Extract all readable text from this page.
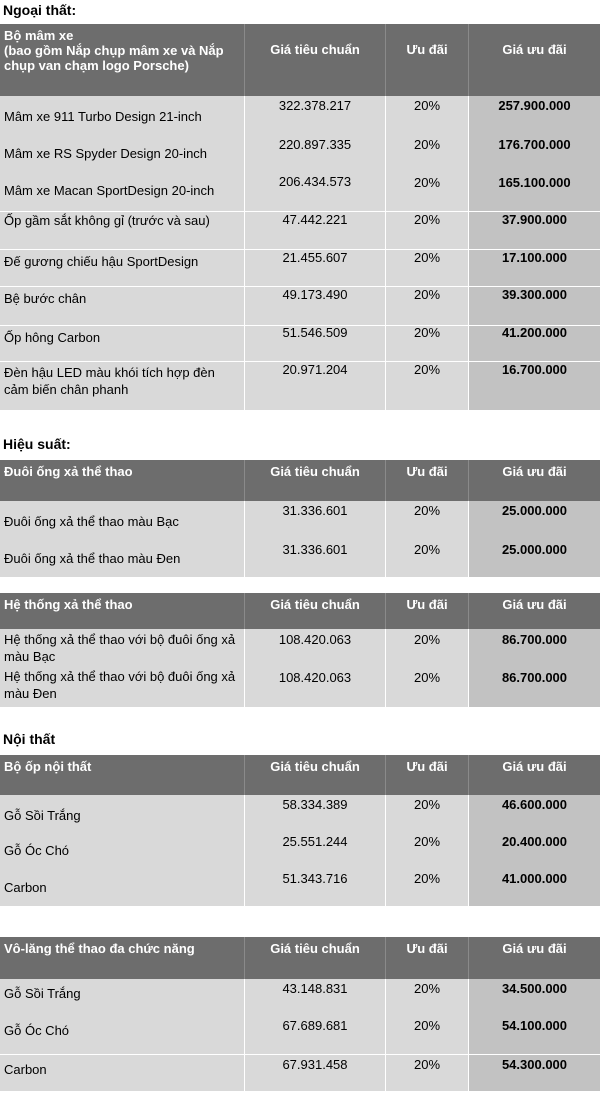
Ngoại thất:
Hiệu suất:
Nội thất
Bộ mâm xe
(bao gồm Nắp chụp mâm xe và Nắp chụp van chạm logo Porsche)
Giá tiêu chuẩn	Ưu đãi	Giá ưu đãi
Mâm xe 911 Turbo Design 21-inch
322.378.217	20%	257.900.000
Mâm xe RS Spyder Design 20-inch
220.897.335	20%	176.700.000
Mâm xe Macan SportDesign 20-inch
206.434.573	20%	165.100.000
Ốp gầm sắt không gỉ (trước và sau)	47.442.221	20%	37.900.000
Đế gương chiếu hậu SportDesign	21.455.607	20%	17.100.000
Bệ bước chân	49.173.490	20%	39.300.000
Ốp hông Carbon	51.546.509	20%	41.200.000
Đèn hậu LED màu khói tích hợp đèn cảm biến chân phanh
20.971.204	20%	16.700.000
Đuôi ống xả thể thao	Giá tiêu chuẩn	Ưu đãi	Giá ưu đãi
Đuôi ống xả thể thao màu Bạc
31.336.601	20%	25.000.000
Đuôi ống xả thể thao màu Đen
31.336.601	20%	25.000.000
Hệ thống xả thể thao	Giá tiêu chuẩn	Ưu đãi	Giá ưu đãi
Hệ thống xả thể thao với bộ đuôi ống xả màu Bạc
108.420.063	20%	86.700.000
Hệ thống xả thể thao với bộ đuôi ống xả màu Đen
108.420.063	20%	86.700.000
Bộ ốp nội thất	Giá tiêu chuẩn	Ưu đãi	Giá ưu đãi
Gỗ Sồi Trắng
58.334.389	20%	46.600.000
Gỗ Óc Chó
25.551.244	20%	20.400.000
Carbon
51.343.716	20%	41.000.000
Vô-lăng thể thao đa chức năng	Giá tiêu chuẩn	Ưu đãi	Giá ưu đãi
Gỗ Sồi Trắng	43.148.831	20%	34.500.000
Gỗ Óc Chó	67.689.681	20%	54.100.000
Carbon	67.931.458	20%	54.300.000
